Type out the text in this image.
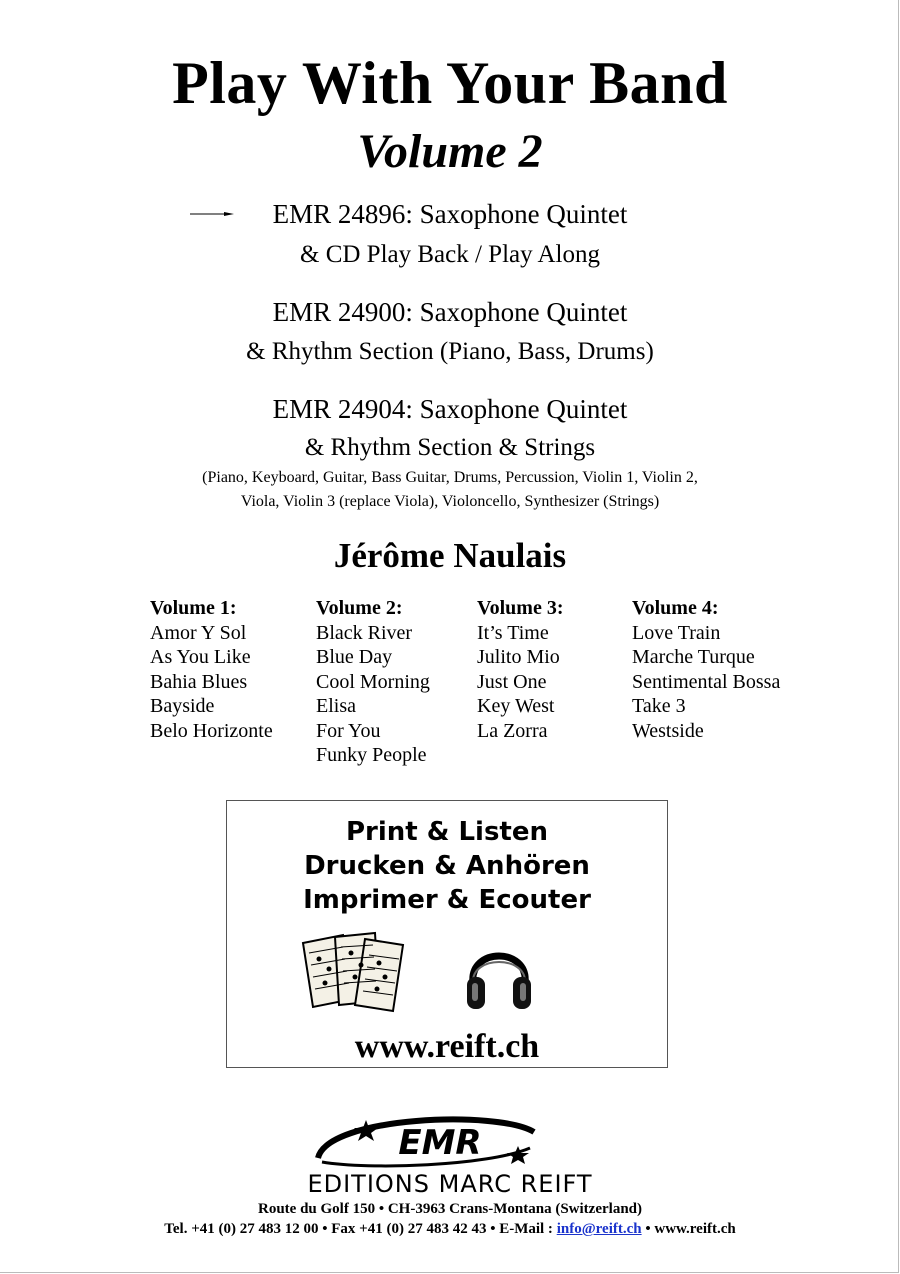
Play With Your Band
Volume 2
EMR 24896: Saxophone Quintet
& CD Play Back / Play Along
EMR 24900: Saxophone Quintet
& Rhythm Section (Piano, Bass, Drums)
EMR 24904: Saxophone Quintet
& Rhythm Section & Strings
(Piano, Keyboard, Guitar, Bass Guitar, Drums, Percussion, Violin 1, Violin 2,
Viola, Violin 3 (replace Viola), Violoncello, Synthesizer (Strings)
Jérôme Naulais
Volume 1:
Amor Y Sol
As You Like
Bahia Blues
Bayside
Belo Horizonte
Volume 2:
Black River
Blue Day
Cool Morning
Elisa
For You
Funky People
Volume 3:
It’s Time
Julito Mio
Just One
Key West
La Zorra
Volume 4:
Love Train
Marche Turque
Sentimental Bossa
Take 3
Westside
Print & Listen
Drucken & Anhören
Imprimer & Ecouter
www.reift.ch
EMR
EDITIONS MARC REIFT
Route du Golf 150 • CH-3963 Crans-Montana (Switzerland)
Tel. +41 (0) 27 483 12 00 • Fax +41 (0) 27 483 42 43 • E-Mail : info@reift.ch • www.reift.ch
